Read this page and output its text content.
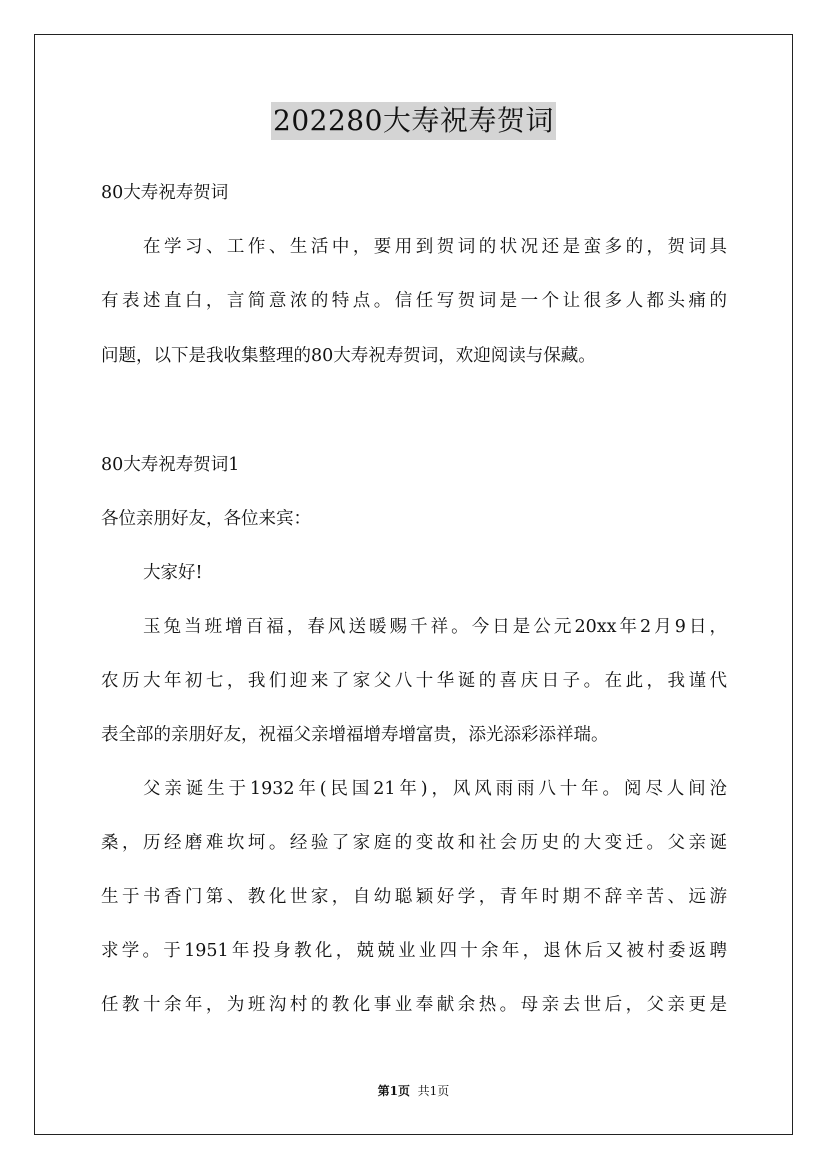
202280大寿祝寿贺词
80大寿祝寿贺词
在学习、工作、生活中，要用到贺词的状况还是蛮多的，贺词具
有表述直白，言简意浓的特点。信任写贺词是一个让很多人都头痛的
问题，以下是我收集整理的80大寿祝寿贺词，欢迎阅读与保藏。
80大寿祝寿贺词1
各位亲朋好友，各位来宾：
大家好!
玉兔当班增百福，春风送暖赐千祥。今日是公元20xx年2月9日，
农历大年初七，我们迎来了家父八十华诞的喜庆日子。在此，我谨代
表全部的亲朋好友，祝福父亲增福增寿增富贵，添光添彩添祥瑞。
父亲诞生于1932年(民国21年)，风风雨雨八十年。阅尽人间沧
桑，历经磨难坎坷。经验了家庭的变故和社会历史的大变迁。父亲诞
生于书香门第、教化世家，自幼聪颖好学，青年时期不辞辛苦、远游
求学。于1951年投身教化，兢兢业业四十余年，退休后又被村委返聘
任教十余年，为班沟村的教化事业奉献余热。母亲去世后，父亲更是
第1页 共1页
